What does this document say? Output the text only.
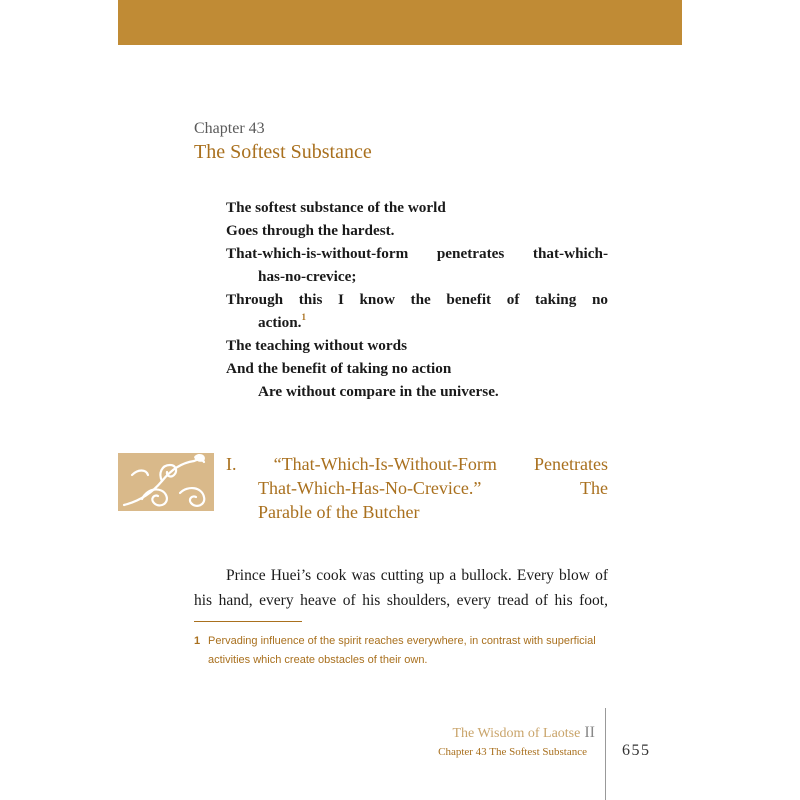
Chapter 43
The Softest Substance
The softest substance of the world
Goes through the hardest.
That-which-is-without-form penetrates that-which-
has-no-crevice;
Through this I know the benefit of taking no
action.$^1$
The teaching without words
And the benefit of taking no action
Are without compare in the universe.
I. “That-Which-Is-Without-Form Penetrates
That-Which-Has-No-Crevice.” The
Parable of the Butcher
Prince Huei’s cook was cutting up a bullock. Every blow of
his hand, every heave of his shoulders, every tread of his foot,
1 Pervading influence of the spirit reaches everywhere, in contrast with superficial
activities which create obstacles of their own.
The Wisdom of Laotse II
Chapter 43 The Softest Substance 655
